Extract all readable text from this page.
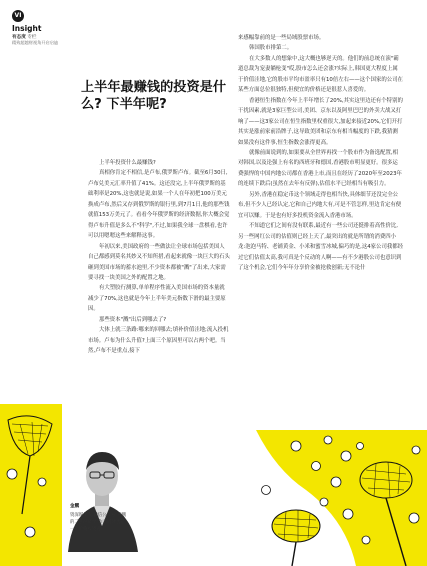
VI
Insight
有态度 专栏
精致超越财视角开启启迪
上半年最赚钱的投资是什么? 下半年呢?

上半年投资什么最赚钱?

真相你肯定不相信,是卢布,俄罗斯卢布。截至6月30日,卢布兑美元汇率升值了41%。这还没完,上半年俄罗斯的基础利率是20%,这也就是说,如果一个人在年初把100万美元换成卢布,然后又存到俄罗斯的银行里,到7月1日,他的那些钱就值153万美元了。看看今年俄罗斯的经济数据,你大概会觉得卢布升值是多么不"科学",不过,如果我全球一盘棋看,也许可以用嗯嗯这些来解释这事。

年初以来,美国政府的一些做法让全球市场包括美国人自己都感到莫名其妙又不知所措,看起来就像一块巨大的石头砸到美国市场的蓄水池里,不少资本都被"溅"了出来,大家需要寻找一块美国之外的配置之地。

有大塑胶行测算,单单程序性流入美国市场的资本量就减少了70%,这也就是今年上半年美元指数下滑的最主要原因。

那些资本"溅"出后到哪去了?

大体上就三条路:哪来的回哪去;填补价值洼地;流入投机市场。卢布为什么升值?上面三个原因里可以占两个吧。当然,卢布不是重点,接下

来感幅靠前的是一些局域股票市场。

韩国股市排第二。

在大多数人的想象中,这大概也够逆天的。他们的前总统在演"霸道总裁为宠妻躺枪变"哎,股市怎么还会涨?实际上,韩国更大程度上属于价值洼地,它的股市平均市盈率只有10倍左右——这个国家的公司在某些方面总位很独特,但便宜的价格还是很惹人喜爱的。

香港恒生指数在今年上半年增长了20%,其实这里边还有个特别的干扰因素,就是3家巨型公司,美团、京东以及阿里巴巴的外卖大战又打响了——这3家公司在恒生指数里权重很大,加起来接近20%,它们开打其实是涨前家前沿牌子,这导致美团和京东有相当幅度的下跌,我猜测如果没有这件事,恒生指数会涨得更高。

就像前面说到的,如果要从全世界再找一个股市作为备选配置,相对韩国,以及论强上有名的西班牙和德国,香港股市明显更好。很多运费强悍的中国内地公司都在香港上市,而且在经历了2020年至2023年的连续下跌后(虽然在去年有反弹),估值水平已经相当有吸引力。

另外,香港在稳定币这个领域走得也相当快,具体细节还没完全公布,但不少人已经认定,它和自己内地大有,可是不管怎样,里边肯定有便宜可以赚。于是也有好多投机资金流入香港市场。

不知道它们之间有没有联系,最近有一些公司还挺排着高性价比,另一些网红公司的估值则已经上天了,最突出的就是所谓的消费四小龙:泡泡马特、老铺黄金、小米和蜜雪冰城,偏巧的是,这4家公司我都经过它们估值太高,我可真是个反动的人啊——有不少港股公司也意识到了这个机会,它们今年年分享价金被抢救创新;无不论什

金鹏

资深媒体人,微信公众号"辨鹏的二手经济学"作者同时也是一个价值投资者。
